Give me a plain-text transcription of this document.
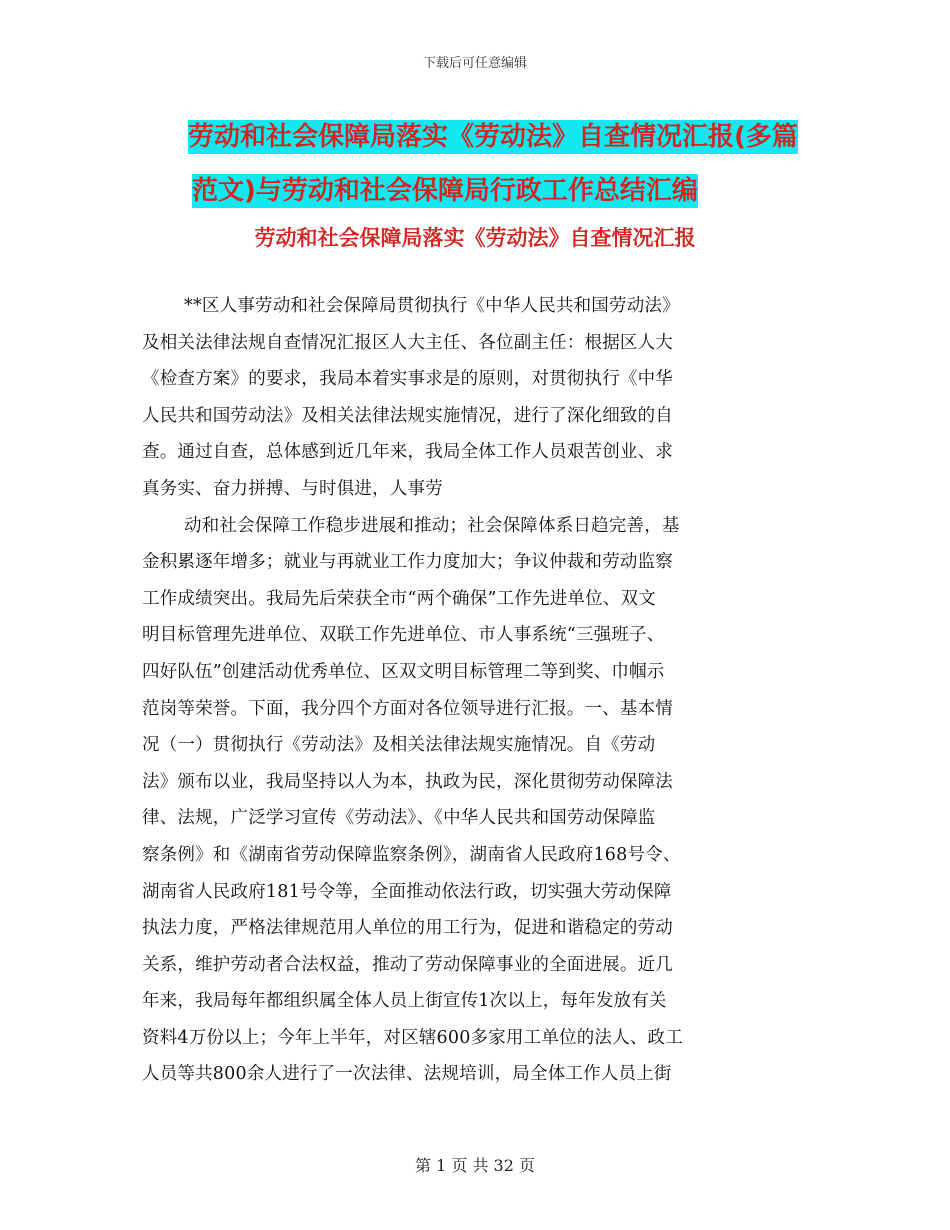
下载后可任意编辑
劳动和社会保障局落实《劳动法》自查情况汇报(多篇
范文)与劳动和社会保障局行政工作总结汇编
劳动和社会保障局落实《劳动法》自查情况汇报

**区人事劳动和社会保障局贯彻执行《中华人民共和国劳动法》
及相关法律法规自查情况汇报区人大主任、各位副主任：根据区人大
《检查方案》的要求，我局本着实事求是的原则，对贯彻执行《中华
人民共和国劳动法》及相关法律法规实施情况，进行了深化细致的自
查。通过自查，总体感到近几年来，我局全体工作人员艰苦创业、求
真务实、奋力拼搏、与时俱进，人事劳

动和社会保障工作稳步进展和推动；社会保障体系日趋完善，基
金积累逐年增多；就业与再就业工作力度加大；争议仲裁和劳动监察
工作成绩突出。我局先后荣获全市“两个确保”工作先进单位、双文
明目标管理先进单位、双联工作先进单位、市人事系统“三强班子、
四好队伍”创建活动优秀单位、区双文明目标管理二等到奖、巾帼示
范岗等荣誉。下面，我分四个方面对各位领导进行汇报。一、基本情
况（一）贯彻执行《劳动法》及相关法律法规实施情况。自《劳动
法》颁布以业，我局坚持以人为本，执政为民，深化贯彻劳动保障法
律、法规，广泛学习宣传《劳动法》、《中华人民共和国劳动保障监
察条例》和《湖南省劳动保障监察条例》，湖南省人民政府168号令、
湖南省人民政府181号令等，全面推动依法行政，切实强大劳动保障
执法力度，严格法律规范用人单位的用工行为，促进和谐稳定的劳动
关系，维护劳动者合法权益，推动了劳动保障事业的全面进展。近几
年来，我局每年都组织属全体人员上街宣传1次以上，每年发放有关
资料4万份以上；今年上半年，对区辖600多家用工单位的法人、政工
人员等共800余人进行了一次法律、法规培训，局全体工作人员上街

第 1 页 共 32 页
